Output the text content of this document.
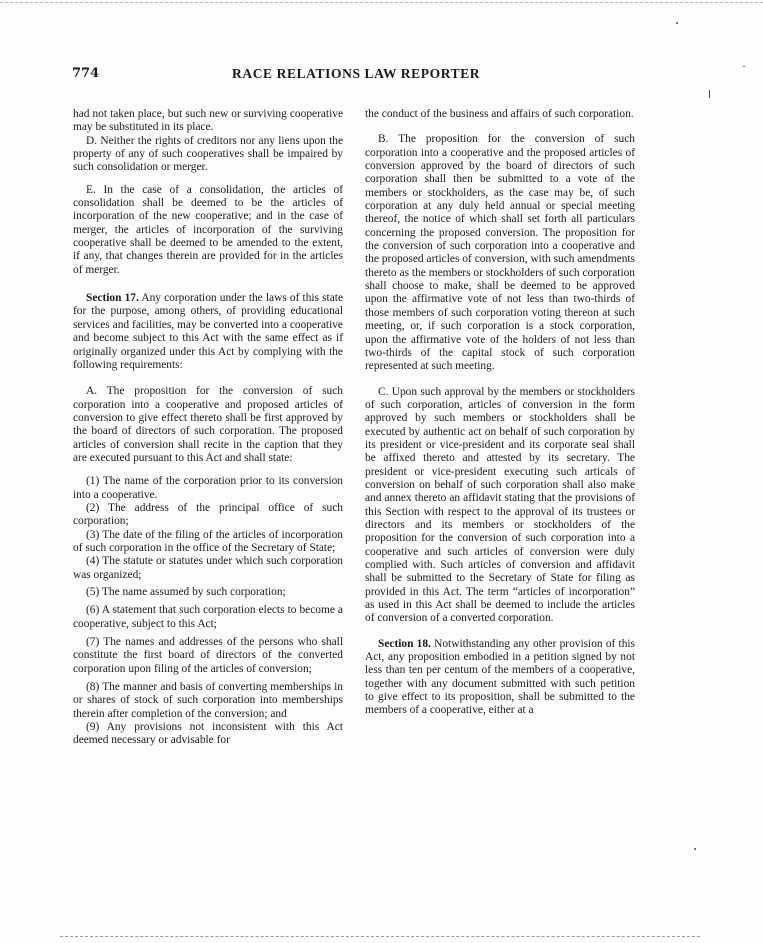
774	RACE RELATIONS LAW REPORTER

had not taken place, but such new or surviving cooperative may be substituted in its place.

D. Neither the rights of creditors nor any liens upon the property of any of such cooperatives shall be impaired by such consolidation or merger.

E. In the case of a consolidation, the articles of consolidation shall be deemed to be the articles of incorporation of the new cooperative; and in the case of merger, the articles of incorporation of the surviving cooperative shall be deemed to be amended to the extent, if any, that changes therein are provided for in the articles of merger.

Section 17. Any corporation under the laws of this state for the purpose, among others, of providing educational services and facilities, may be converted into a cooperative and become subject to this Act with the same effect as if originally organized under this Act by complying with the following requirements:

A. The proposition for the conversion of such corporation into a cooperative and proposed articles of conversion to give effect thereto shall be first approved by the board of directors of such corporation. The proposed articles of conversion shall recite in the caption that they are executed pursuant to this Act and shall state:

(1) The name of the corporation prior to its conversion into a cooperative.

(2) The address of the principal office of such corporation;

(3) The date of the filing of the articles of incorporation of such corporation in the office of the Secretary of State;

(4) The statute or statutes under which such corporation was organized;

(5) The name assumed by such corporation;

(6) A statement that such corporation elects to become a cooperative, subject to this Act;

(7) The names and addresses of the persons who shall constitute the first board of directors of the converted corporation upon filing of the articles of conversion;

(8) The manner and basis of converting memberships in or shares of stock of such corporation into memberships therein after completion of the conversion; and

(9) Any provisions not inconsistent with this Act deemed necessary or advisable for

the conduct of the business and affairs of such corporation.

B. The proposition for the conversion of such corporation into a cooperative and the proposed articles of conversion approved by the board of directors of such corporation shall then be submitted to a vote of the members or stockholders, as the case may be, of such corporation at any duly held annual or special meeting thereof, the notice of which shall set forth all particulars concerning the proposed conversion. The proposition for the conversion of such corporation into a cooperative and the proposed articles of conversion, with such amendments thereto as the members or stockholders of such corporation shall choose to make, shall be deemed to be approved upon the affirmative vote of not less than two-thirds of those members of such corporation voting thereon at such meeting, or, if such corporation is a stock corporation, upon the affirmative vote of the holders of not less than two-thirds of the capital stock of such corporation represented at such meeting.

C. Upon such approval by the members or stockholders of such corporation, articles of conversion in the form approved by such members or stockholders shall be executed by authentic act on behalf of such corporation by its president or vice-president and its corporate seal shall be affixed thereto and attested by its secretary. The president or vice-president executing such articals of conversion on behalf of such corporation shall also make and annex thereto an affidavit stating that the provisions of this Section with respect to the approval of its trustees or directors and its members or stockholders of the proposition for the conversion of such corporation into a cooperative and such articles of conversion were duly complied with. Such articles of conversion and affidavit shall be submitted to the Secretary of State for filing as provided in this Act. The term “articles of incorporation” as used in this Act shall be deemed to include the articles of conversion of a converted corporation.

Section 18. Notwithstanding any other provision of this Act, any proposition embodied in a petition signed by not less than ten per centum of the members of a cooperative, together with any document submitted with such petition to give effect to its proposition, shall be submitted to the members of a cooperative, either at a
